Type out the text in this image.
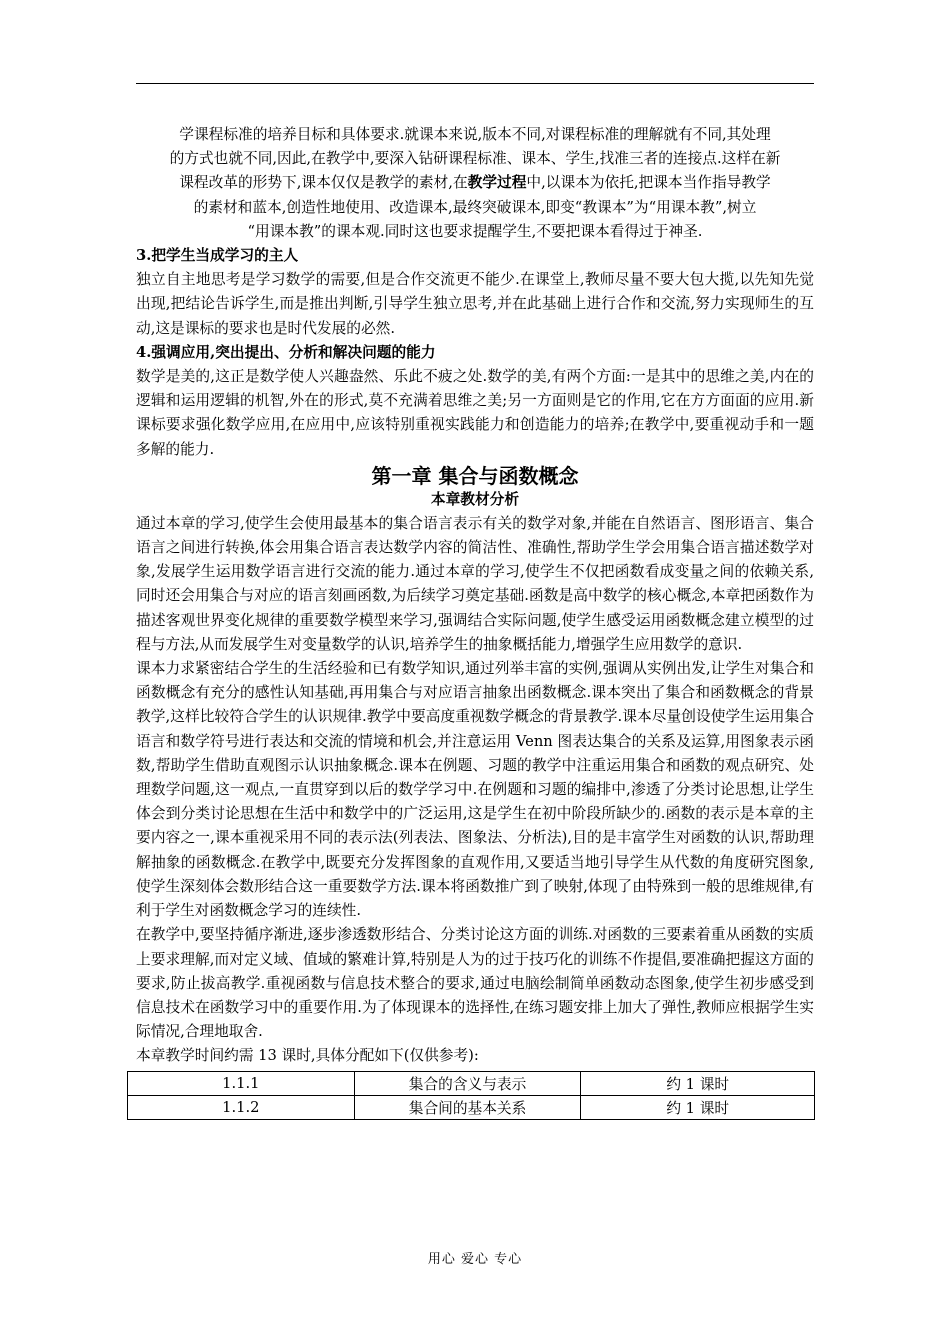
学课程标准的培养目标和具体要求.就课本来说,版本不同,对课程标准的理解就有不同,其处理

的方式也就不同,因此,在教学中,要深入钻研课程标准、课本、学生,找准三者的连接点.这样在新

课程改革的形势下,课本仅仅是教学的素材,在教学过程中,以课本为依托,把课本当作指导教学

的素材和蓝本,创造性地使用、改造课本,最终突破课本,即变“教课本”为“用课本教”,树立

“用课本教”的课本观.同时这也要求提醒学生,不要把课本看得过于神圣.

3.把学生当成学习的主人

独立自主地思考是学习数学的需要,但是合作交流更不能少.在课堂上,教师尽量不要大包大揽,以先知先觉出现,把结论告诉学生,而是推出判断,引导学生独立思考,并在此基础上进行合作和交流,努力实现师生的互动,这是课标的要求也是时代发展的必然.

4.强调应用,突出提出、分析和解决问题的能力

数学是美的,这正是数学使人兴趣盎然、乐此不疲之处.数学的美,有两个方面:一是其中的思维之美,内在的逻辑和运用逻辑的机智,外在的形式,莫不充满着思维之美;另一方面则是它的作用,它在方方面面的应用.新课标要求强化数学应用,在应用中,应该特别重视实践能力和创造能力的培养;在教学中,要重视动手和一题多解的能力.

第一章 集合与函数概念

本章教材分析

通过本章的学习,使学生会使用最基本的集合语言表示有关的数学对象,并能在自然语言、图形语言、集合语言之间进行转换,体会用集合语言表达数学内容的简洁性、准确性,帮助学生学会用集合语言描述数学对象,发展学生运用数学语言进行交流的能力.通过本章的学习,使学生不仅把函数看成变量之间的依赖关系,同时还会用集合与对应的语言刻画函数,为后续学习奠定基础.函数是高中数学的核心概念,本章把函数作为描述客观世界变化规律的重要数学模型来学习,强调结合实际问题,使学生感受运用函数概念建立模型的过程与方法,从而发展学生对变量数学的认识,培养学生的抽象概括能力,增强学生应用数学的意识.

课本力求紧密结合学生的生活经验和已有数学知识,通过列举丰富的实例,强调从实例出发,让学生对集合和函数概念有充分的感性认知基础,再用集合与对应语言抽象出函数概念.课本突出了集合和函数概念的背景教学,这样比较符合学生的认识规律.教学中要高度重视数学概念的背景教学.课本尽量创设使学生运用集合语言和数学符号进行表达和交流的情境和机会,并注意运用 Venn 图表达集合的关系及运算,用图象表示函数,帮助学生借助直观图示认识抽象概念.课本在例题、习题的教学中注重运用集合和函数的观点研究、处理数学问题,这一观点,一直贯穿到以后的数学学习中.在例题和习题的编排中,渗透了分类讨论思想,让学生体会到分类讨论思想在生活中和数学中的广泛运用,这是学生在初中阶段所缺少的.函数的表示是本章的主要内容之一,课本重视采用不同的表示法(列表法、图象法、分析法),目的是丰富学生对函数的认识,帮助理解抽象的函数概念.在教学中,既要充分发挥图象的直观作用,又要适当地引导学生从代数的角度研究图象,使学生深刻体会数形结合这一重要数学方法.课本将函数推广到了映射,体现了由特殊到一般的思维规律,有利于学生对函数概念学习的连续性.

在教学中,要坚持循序渐进,逐步渗透数形结合、分类讨论这方面的训练.对函数的三要素着重从函数的实质上要求理解,而对定义域、值域的繁难计算,特别是人为的过于技巧化的训练不作提倡,要准确把握这方面的要求,防止拔高教学.重视函数与信息技术整合的要求,通过电脑绘制简单函数动态图象,使学生初步感受到信息技术在函数学习中的重要作用.为了体现课本的选择性,在练习题安排上加大了弹性,教师应根据学生实际情况,合理地取舍.

本章教学时间约需 13 课时,具体分配如下(仅供参考):

1.1.1	集合的含义与表示	约 1 课时
1.1.2	集合间的基本关系	约 1 课时
用心 爱心 专心
